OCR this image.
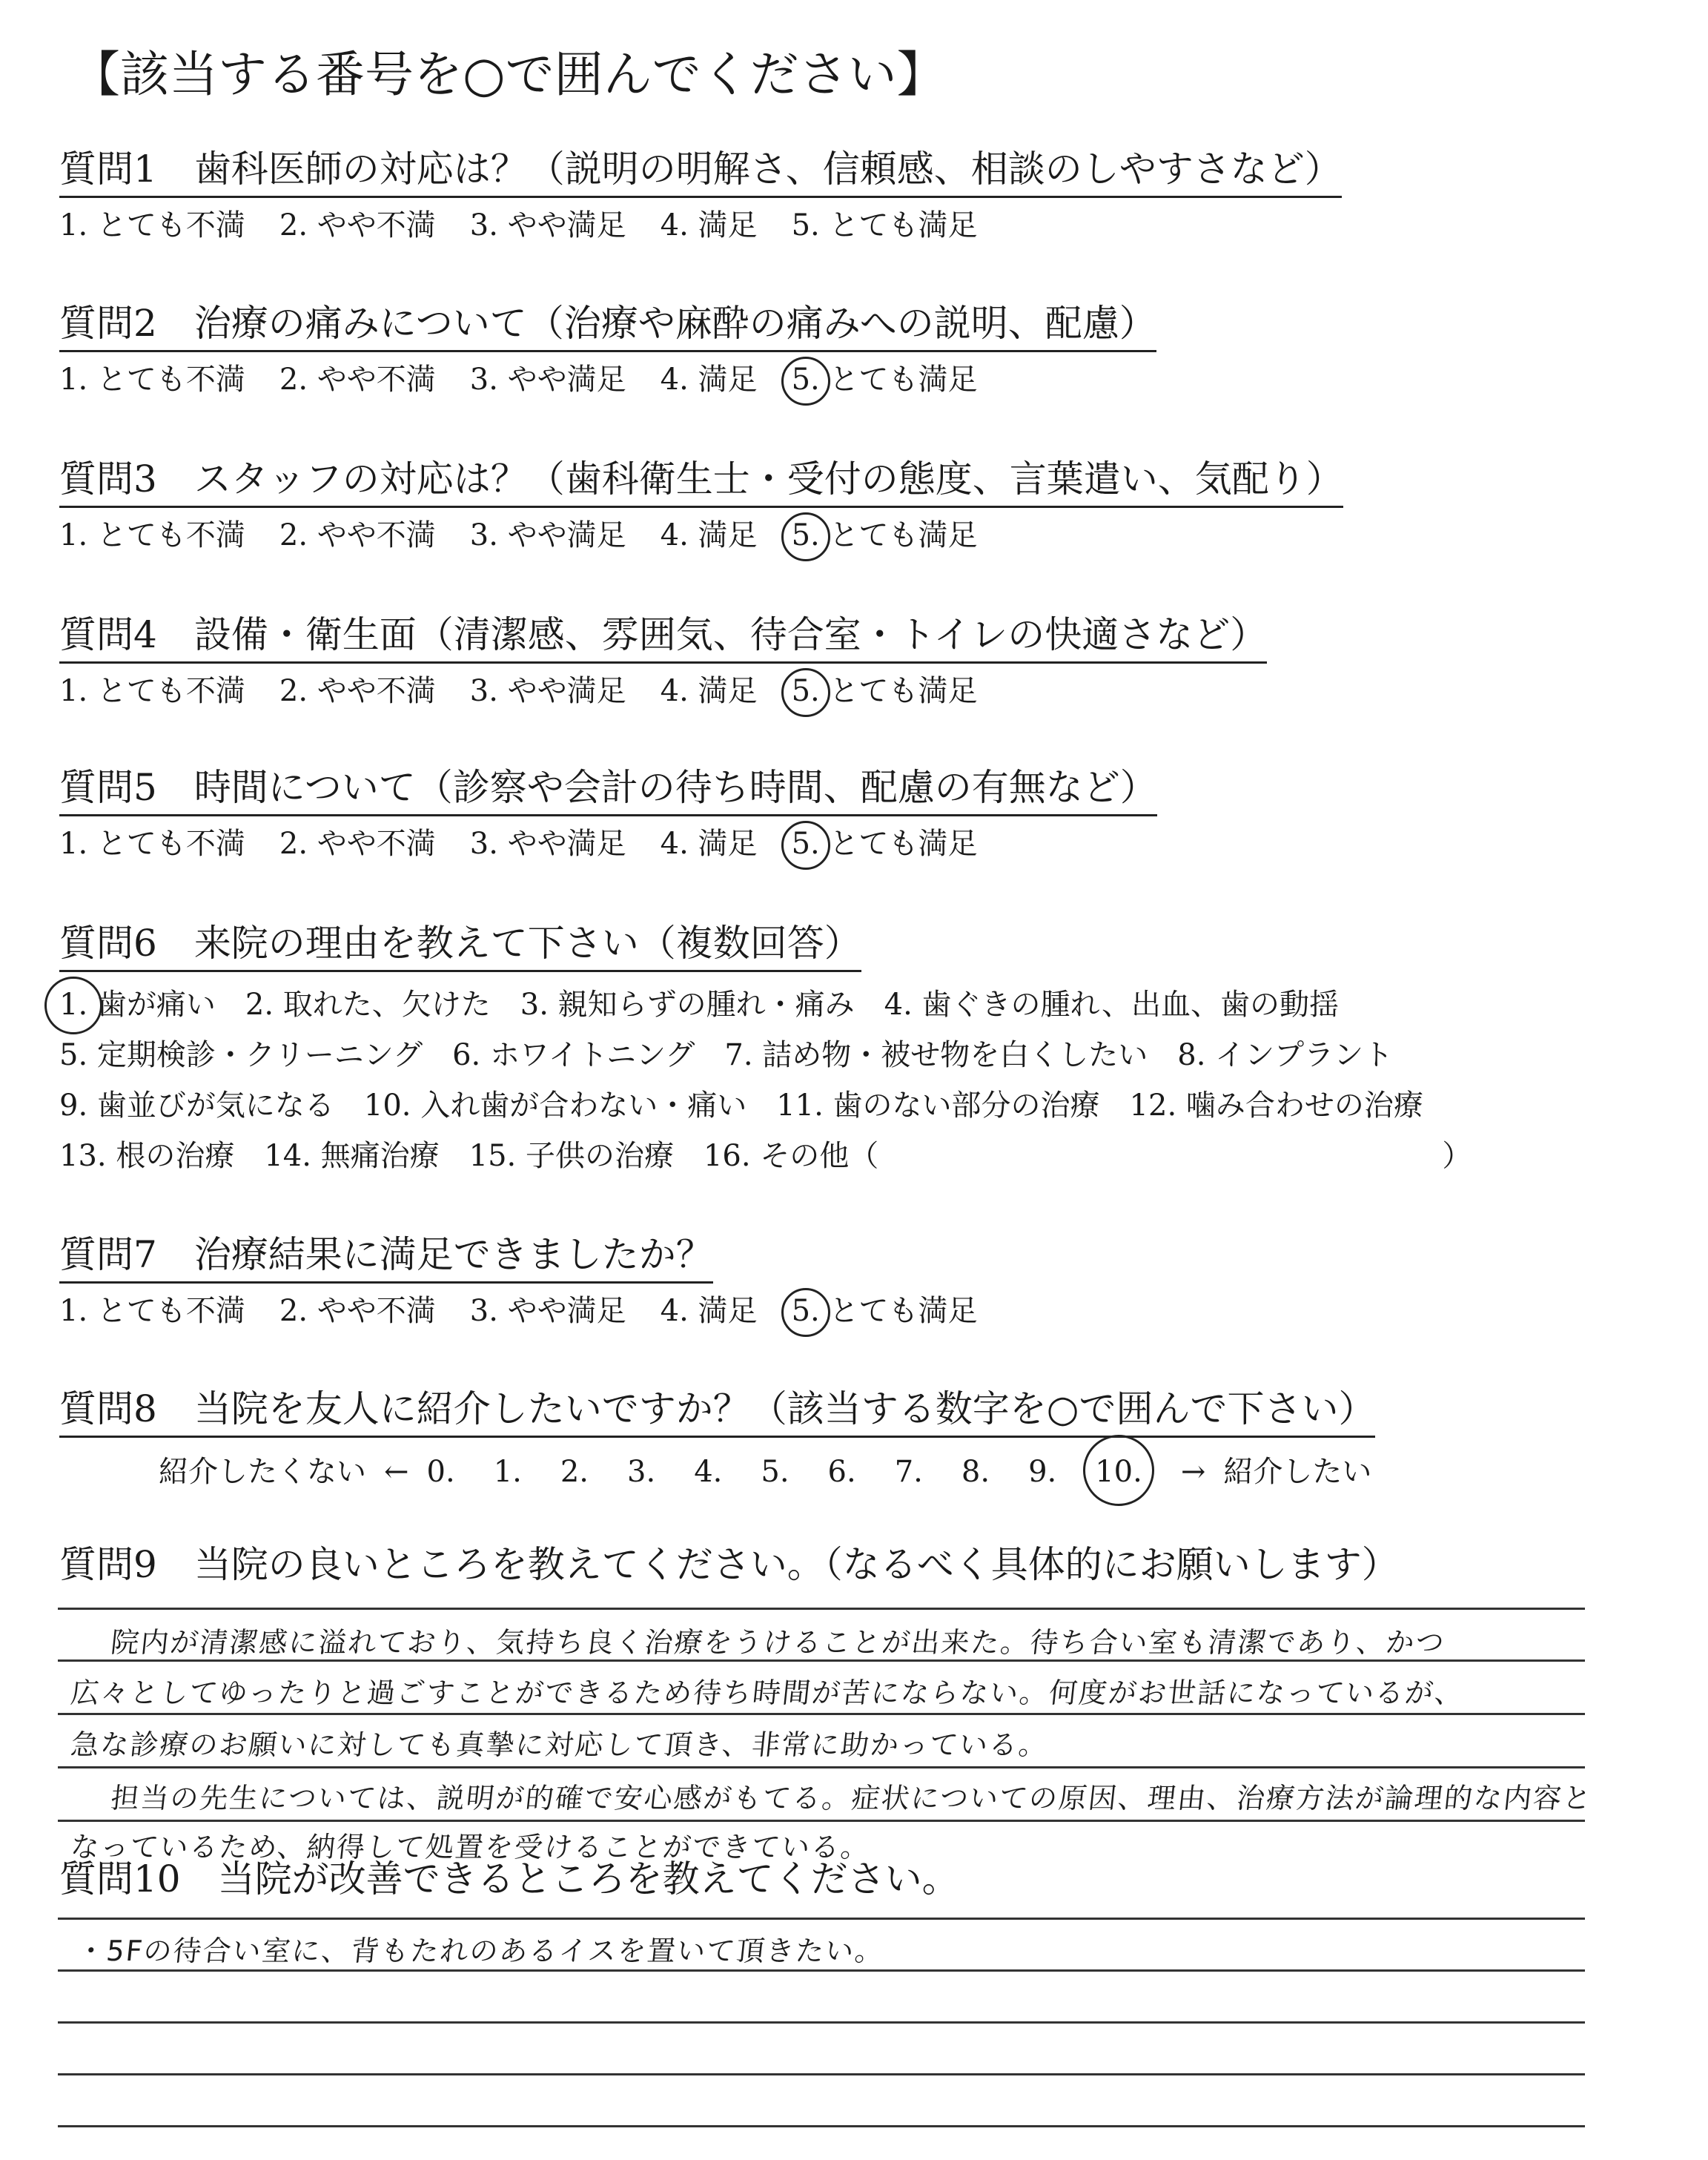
【該当する番号を○で囲んでください】
質問1　 歯科医師の対応は？（説明の明解さ、信頼感、相談のしやすさなど）
1. とても不満 2. やや不満 3. やや満足 4. 満足 5. とても満足
質問2　 治療の痛みについて（治療や麻酔の痛みへの説明、配慮）
1. とても不満 2. やや不満 3. やや満足 4. 満足 5. とても満足
質問3　 スタッフの対応は？（歯科衛生士・受付の態度、言葉遣い、気配り）
1. とても不満 2. やや不満 3. やや満足 4. 満足 5. とても満足
質問4　 設備・衛生面（清潔感、雰囲気、待合室・トイレの快適さなど）
1. とても不満 2. やや不満 3. やや満足 4. 満足 5. とても満足
質問5　 時間について（診察や会計の待ち時間、配慮の有無など）
1. とても不満 2. やや不満 3. やや満足 4. 満足 5. とても満足
質問6　 来院の理由を教えて下さい（複数回答）
1. 歯が痛い 2. 取れた、欠けた 3. 親知らずの腫れ・痛み 4. 歯ぐきの腫れ、出血、歯の動揺
5. 定期検診・クリーニング 6. ホワイトニング 7. 詰め物・被せ物を白くしたい 8. インプラント
9. 歯並びが気になる 10. 入れ歯が合わない・痛い 11. 歯のない部分の治療 12. 噛み合わせの治療
13. 根の治療 14. 無痛治療 15. 子供の治療 16. その他（	）
質問7　 治療結果に満足できましたか？
1. とても不満 2. やや不満 3. やや満足 4. 満足 5. とても満足
質問8　 当院を友人に紹介したいですか？（該当する数字を○で囲んで下さい）
紹介したくない ← 0. 1. 2. 3. 4. 5. 6. 7. 8. 9. 10. → 紹介したい
質問9　 当院の良いところを教えてください。（なるべく具体的にお願いします）
院内が清潔感に溢れており、気持ち良く治療をうけることが出来た。待ち合い室も清潔であり、かつ
広々としてゆったりと過ごすことができるため待ち時間が苦にならない。何度がお世話になっているが、
急な診療のお願いに対しても真摯に対応して頂き、非常に助かっている。
担当の先生については、説明が的確で安心感がもてる。症状についての原因、理由、治療方法が論理的な内容と
なっているため、納得して処置を受けることができている。
質問10　 当院が改善できるところを教えてください。
・5Fの待合い室に、背もたれのあるイスを置いて頂きたい。
